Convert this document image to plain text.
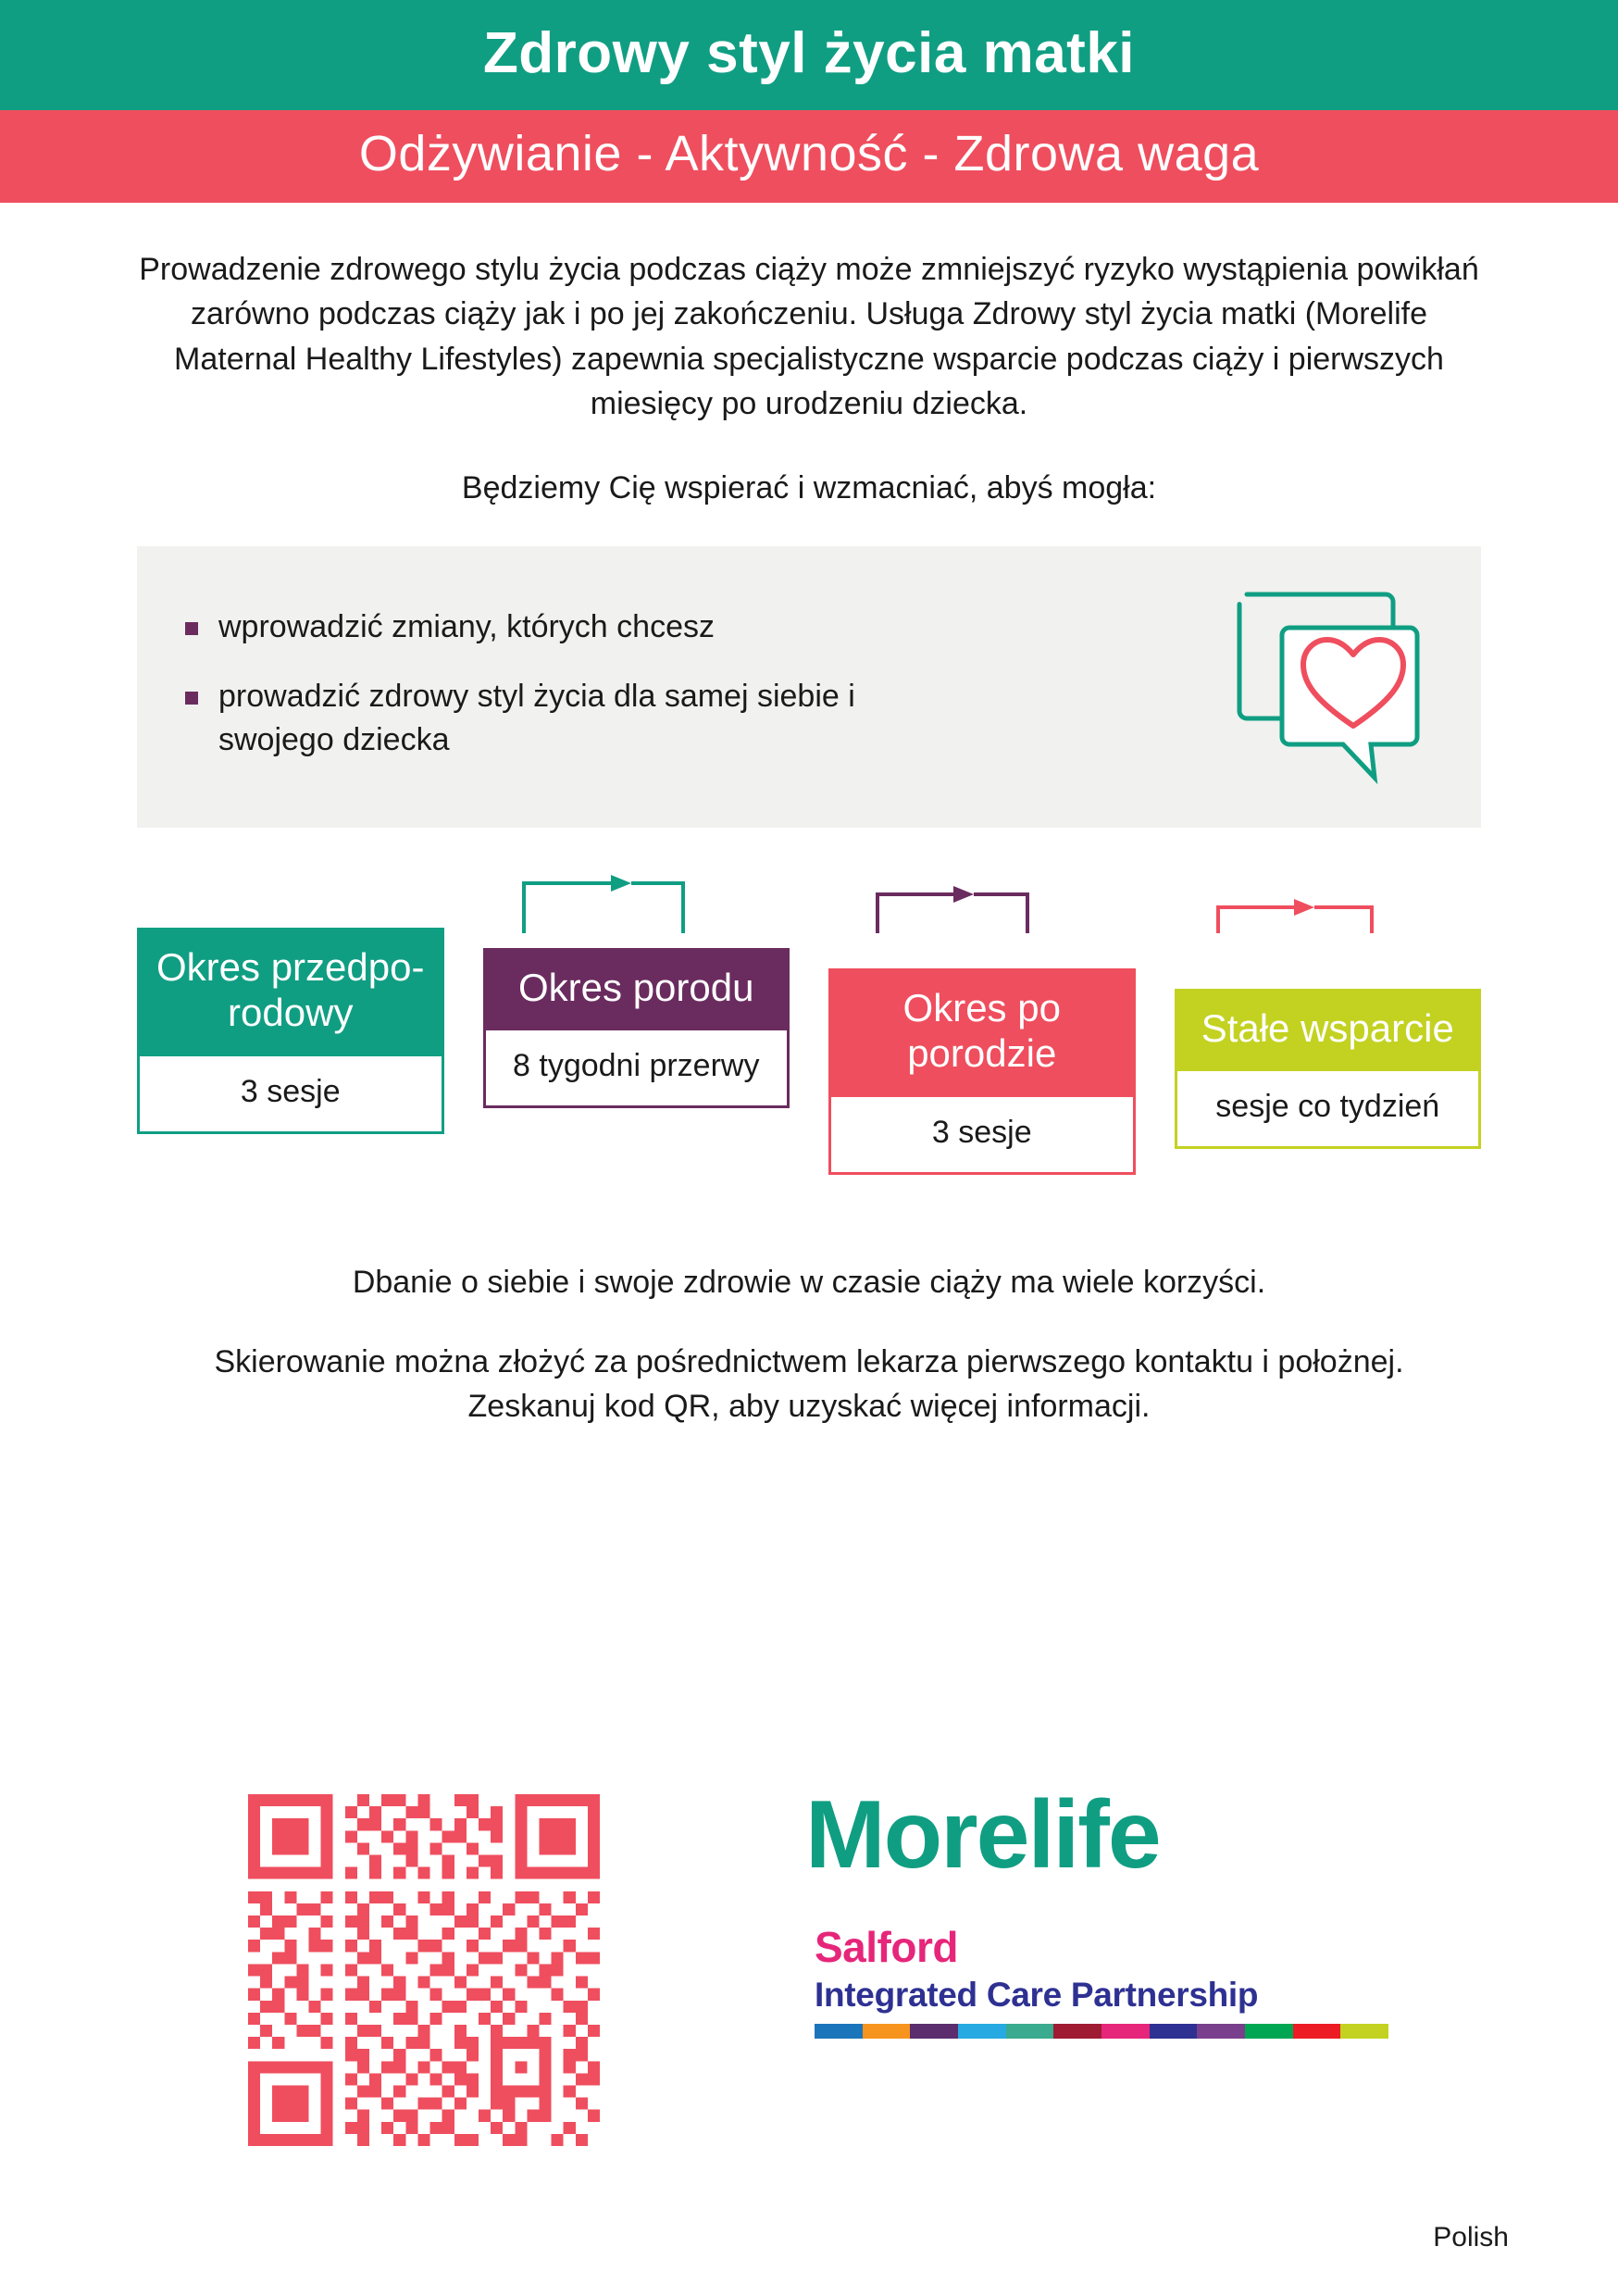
Zdrowy styl życia matki
Odżywianie - Aktywność - Zdrowa waga

Prowadzenie zdrowego stylu życia podczas ciąży może zmniejszyć ryzyko wystąpienia powikłań zarówno podczas ciąży jak i po jej zakończeniu. Usługa Zdrowy styl życia matki (Morelife Maternal Healthy Lifestyles) zapewnia specjalistyczne wsparcie podczas ciąży i pierwszych miesięcy po urodzeniu dziecka.

Będziemy Cię wspierać i wzmacniać, abyś mogła:

wprowadzić zmiany, których chcesz
prowadzić zdrowy styl życia dla samej siebie i swojego dziecka
Okres przedpo-rodowy
3 sesje
Okres porodu
8 tygodni przerwy
Okres po porodzie
3 sesje
Stałe wsparcie
sesje co tydzień

Dbanie o siebie i swoje zdrowie w czasie ciąży ma wiele korzyści.

Skierowanie można złożyć za pośrednictwem lekarza pierwszego kontaktu i położnej. Zeskanuj kod QR, aby uzyskać więcej informacji.

Morelife
Salford
Integrated Care Partnership
Polish
